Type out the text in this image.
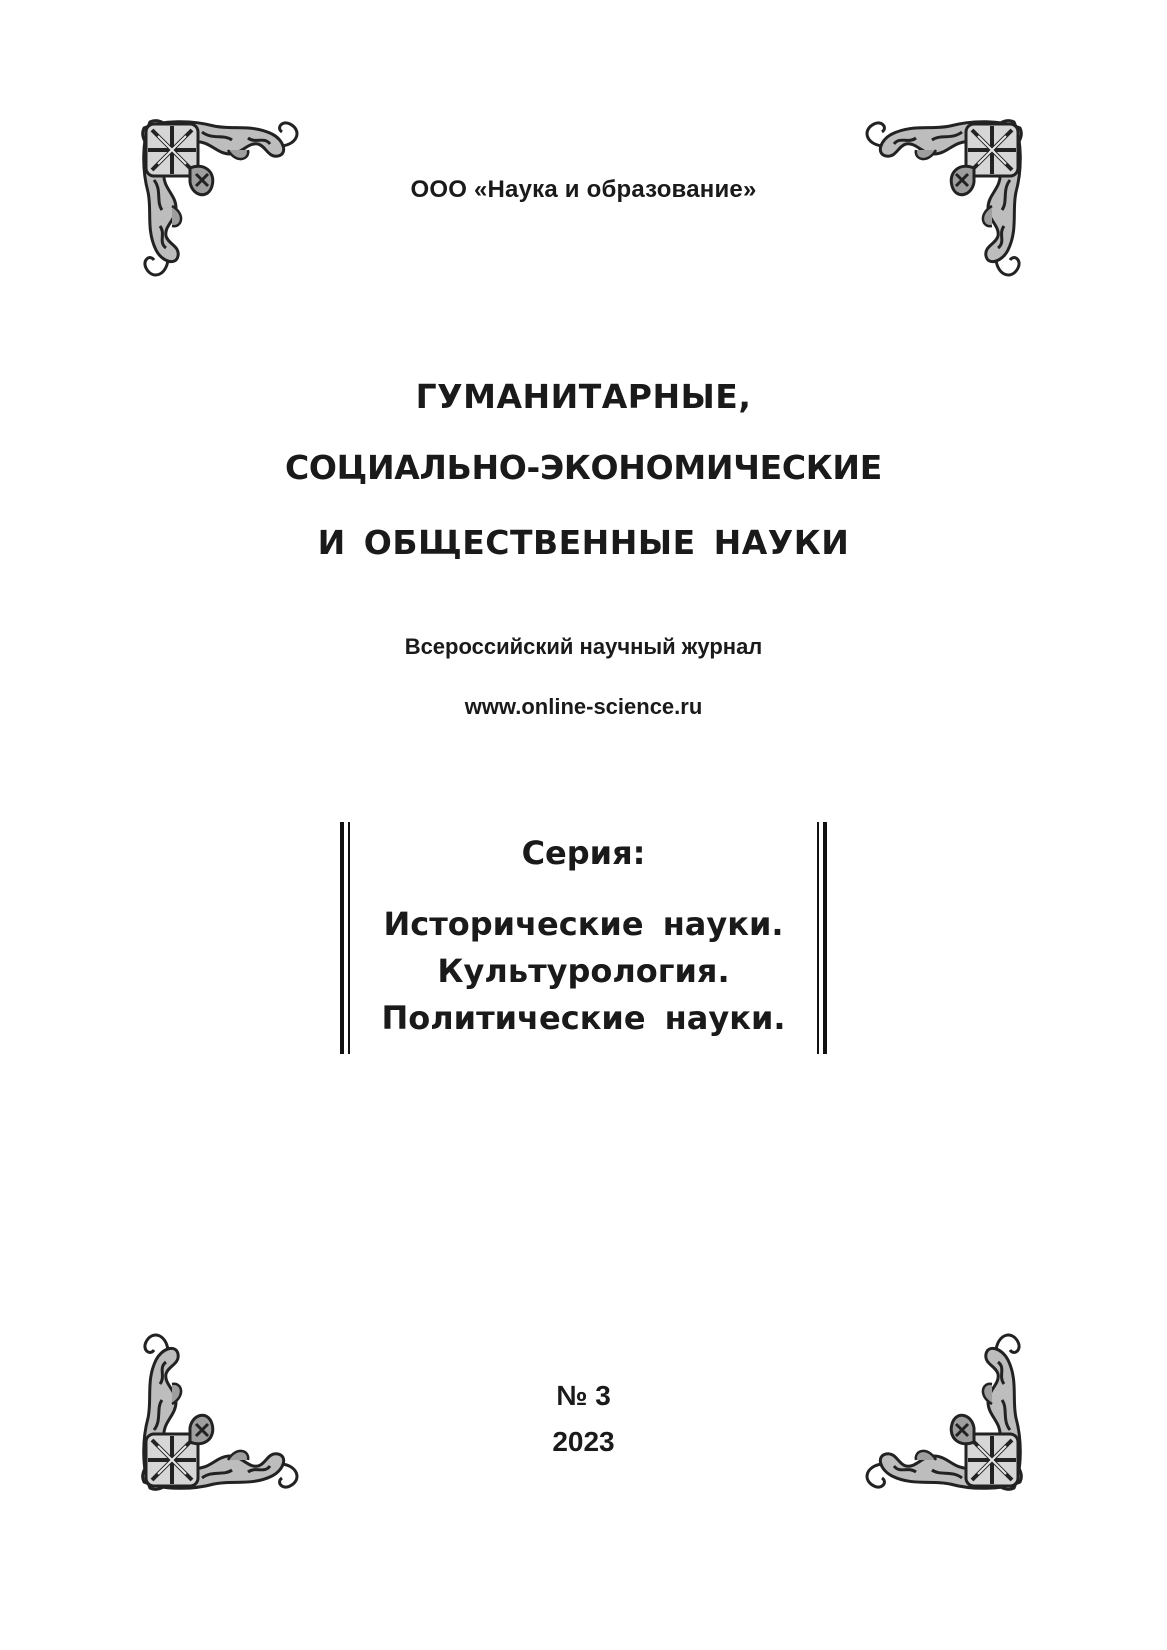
ООО «Наука и образование»
ГУМАНИТАРНЫЕ,
СОЦИАЛЬНО-ЭКОНОМИЧЕСКИЕ
И ОБЩЕСТВЕННЫЕ НАУКИ
Всероссийский научный журнал
www.online-science.ru
Серия:
Исторические науки.
Культурология.
Политические науки.
№ 3
2023
